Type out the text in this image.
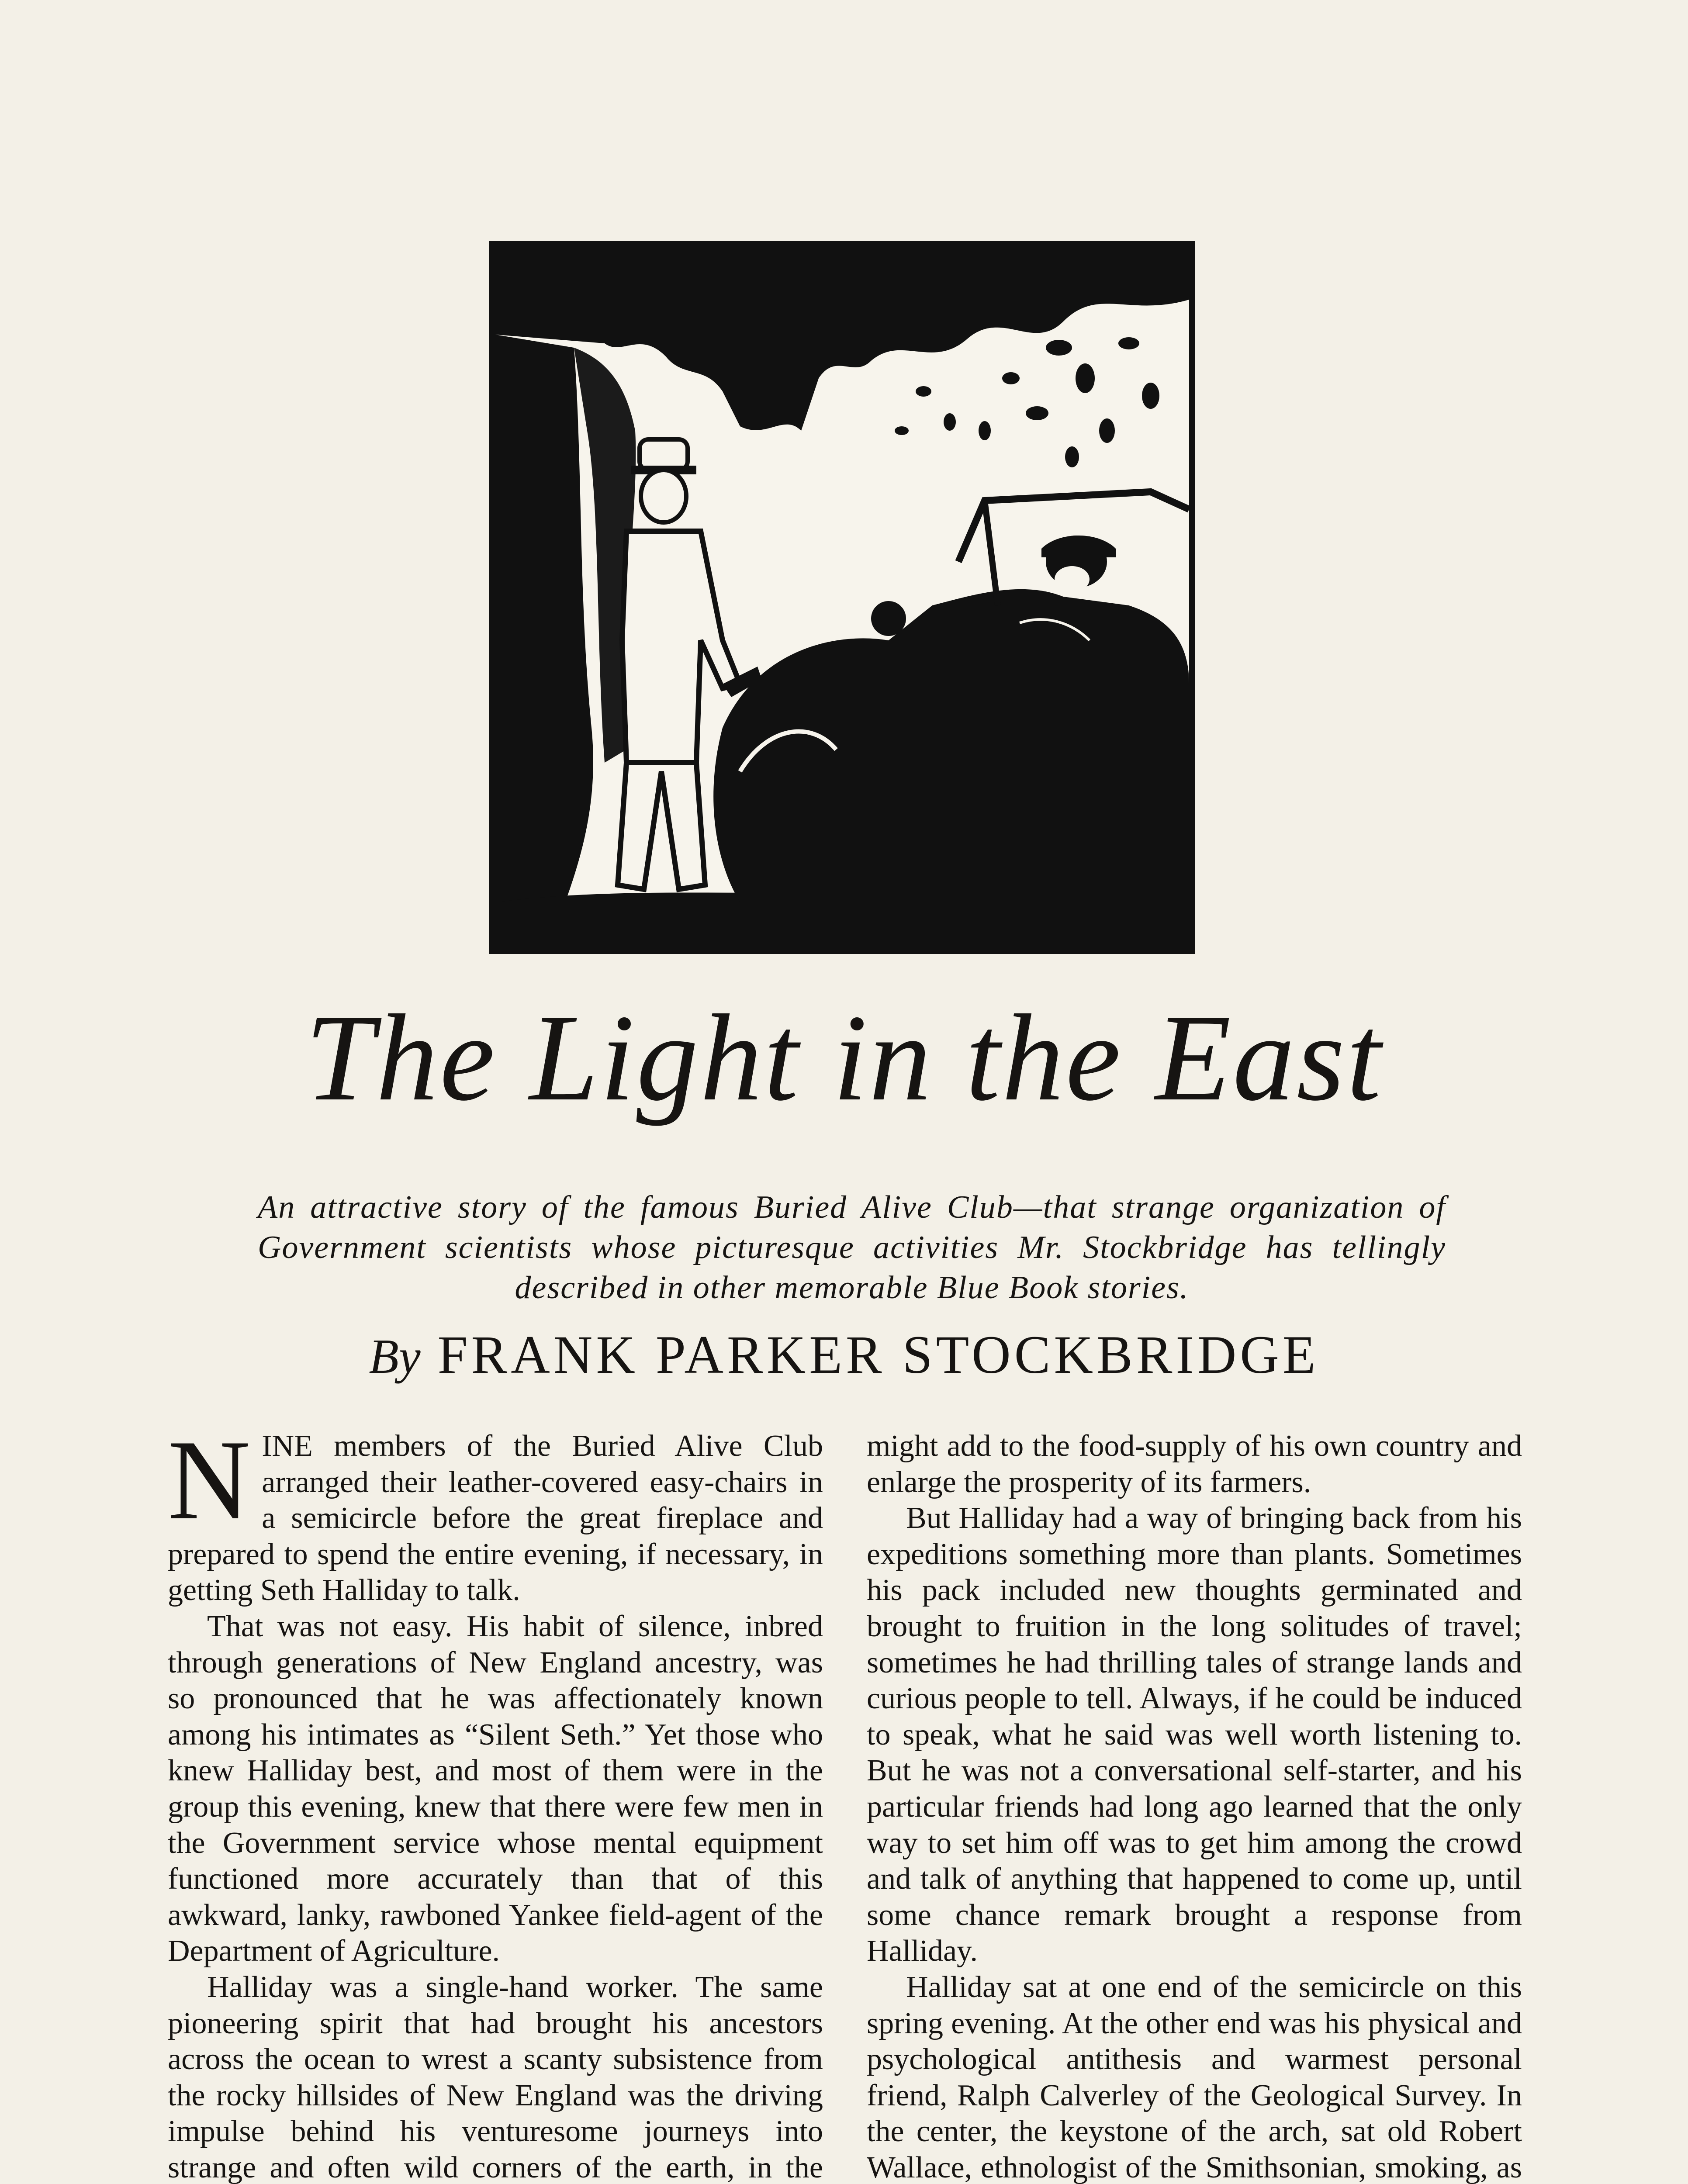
The Light in the East

An attractive story of the famous Buried Alive Club—that strange organization of Government scientists whose picturesque activities Mr. Stockbridge has tellingly described in other memorable Blue Book stories.

By FRANK PARKER STOCKBRIDGE

NINE members of the Buried Alive Club arranged their leather-covered easy-chairs in a semicircle before the great fireplace and prepared to spend the entire evening, if necessary, in getting Seth Halliday to talk.

That was not easy. His habit of silence, inbred through generations of New England ancestry, was so pronounced that he was affectionately known among his intimates as “Silent Seth.” Yet those who knew Halliday best, and most of them were in the group this evening, knew that there were few men in the Government service whose mental equipment functioned more accurately than that of this awkward, lanky, rawboned Yankee field-agent of the Department of Agriculture.

Halliday was a single-hand worker. The same pioneering spirit that had brought his ancestors across the ocean to wrest a scanty subsistence from the rocky hillsides of New England was the driving impulse behind his venturesome journeys into strange and often wild corners of the earth, in the

might add to the food-supply of his own country and enlarge the prosperity of its farmers.

But Halliday had a way of bringing back from his expeditions something more than plants. Sometimes his pack included new thoughts germinated and brought to fruition in the long solitudes of travel; sometimes he had thrilling tales of strange lands and curious people to tell. Always, if he could be induced to speak, what he said was well worth listening to. But he was not a conversational self-starter, and his particular friends had long ago learned that the only way to set him off was to get him among the crowd and talk of anything that happened to come up, until some chance remark brought a response from Halliday.

Halliday sat at one end of the semicircle on this spring evening. At the other end was his physical and psychological antithesis and warmest personal friend, Ralph Calverley of the Geological Survey. In the center, the keystone of the arch, sat old Robert Wallace, ethnologist of the Smithsonian, smoking, as
